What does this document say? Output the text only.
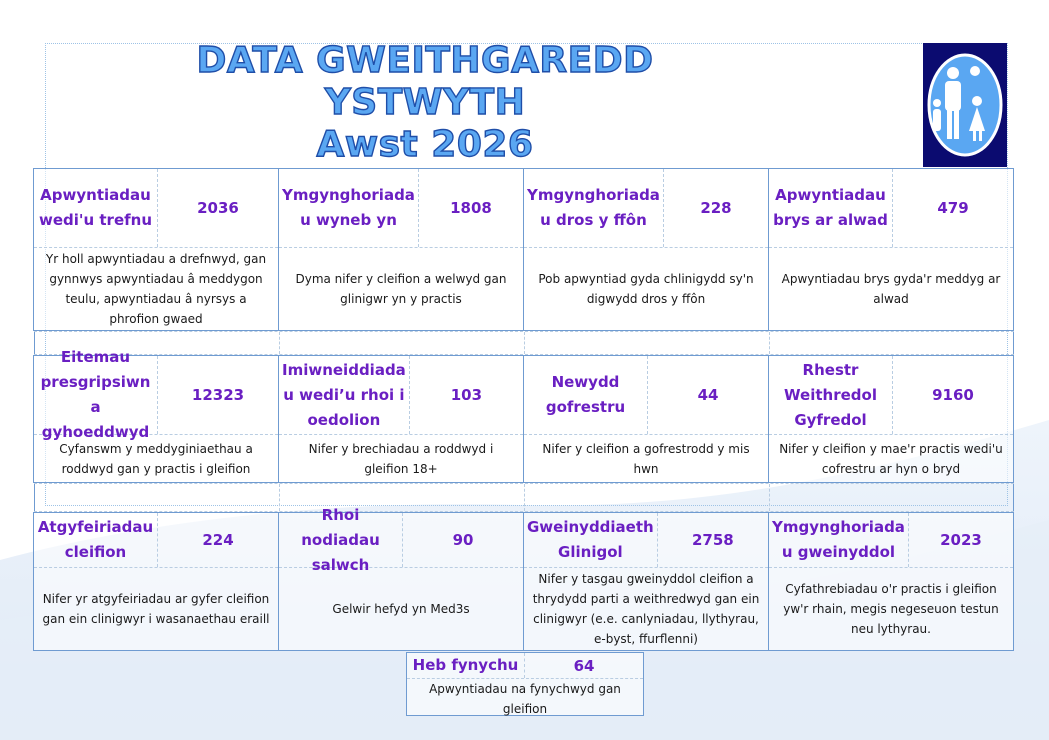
DATA GWEITHGAREDD YSTWYTH
Awst 2026
Apwyntiadau wedi'u trefnu
2036
Yr holl apwyntiadau a drefnwyd, gan gynnwys apwyntiadau â meddygon teulu, apwyntiadau â nyrsys a phrofion gwaed
Ymgynghoriada u wyneb yn
1808
Dyma nifer y cleifion a welwyd gan glinigwr yn y practis
Ymgynghoriada u dros y ffôn
228
Pob apwyntiad gyda chlinigydd sy'n digwydd dros y ffôn
Apwyntiadau brys ar alwad
479
Apwyntiadau brys gyda'r meddyg ar alwad
Eitemau presgripsiwn a gyhoeddwyd
12323
Cyfanswm y meddyginiaethau a roddwyd gan y practis i gleifion
Imiwneiddiada u wedi’u rhoi i oedolion
103
Nifer y brechiadau a roddwyd i gleifion 18+
Newydd gofrestru
44
Nifer y cleifion a gofrestrodd y mis hwn
Rhestr Weithredol Gyfredol
9160
Nifer y cleifion y mae'r practis wedi'u cofrestru ar hyn o bryd
Atgyfeiriadau cleifion
224
Nifer yr atgyfeiriadau ar gyfer cleifion gan ein clinigwyr i wasanaethau eraill
Rhoi nodiadau salwch
90
Gelwir hefyd yn Med3s
Gweinyddiaeth Glinigol
2758
Nifer y tasgau gweinyddol cleifion a thrydydd parti a weithredwyd gan ein clinigwyr (e.e. canlyniadau, llythyrau, e-byst, ffurflenni)
Ymgynghoriada u gweinyddol
2023
Cyfathrebiadau o'r practis i gleifion yw'r rhain, megis negeseuon testun neu lythyrau.
Heb fynychu	64
Apwyntiadau na fynychwyd gan gleifion
